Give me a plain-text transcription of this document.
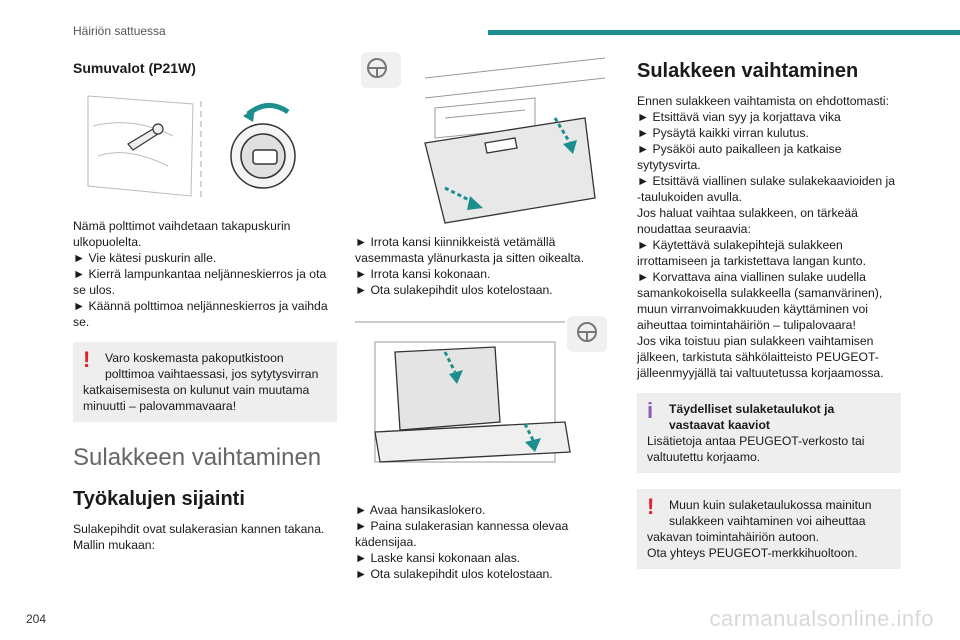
Häiriön sattuessa
Sumuvalot (P21W)
Nämä polttimot vaihdetaan takapuskurin
ulkopuolelta.
► Vie kätesi puskurin alle.
► Kierrä lampunkantaa neljänneskierros ja ota
se ulos.
► Käännä polttimoa neljänneskierros ja vaihda
se.
!	Varo koskemasta pakoputkistoon
polttimoa vaihtaessasi, jos sytytysvirran
katkaisemisesta on kulunut vain muutama
minuutti – palovammavaara!
Sulakkeen vaihtaminen
Työkalujen sijainti
Sulakepihdit ovat sulakerasian kannen takana.
Mallin mukaan:
► Irrota kansi kiinnikkeistä vetämällä
vasemmasta ylänurkasta ja sitten oikealta.
► Irrota kansi kokonaan.
► Ota sulakepihdit ulos kotelostaan.
► Avaa hansikaslokero.
► Paina sulakerasian kannessa olevaa
kädensijaa.
► Laske kansi kokonaan alas.
► Ota sulakepihdit ulos kotelostaan.
Sulakkeen vaihtaminen
Ennen sulakkeen vaihtamista on ehdottomasti:
► Etsittävä vian syy ja korjattava vika
► Pysäytä kaikki virran kulutus.
► Pysäköi auto paikalleen ja katkaise
sytytysvirta.
► Etsittävä viallinen sulake sulakekaavioiden ja
-taulukoiden avulla.
Jos haluat vaihtaa sulakkeen, on tärkeää
noudattaa seuraavia:
► Käytettävä sulakepihtejä sulakkeen
irrottamiseen ja tarkistettava langan kunto.
► Korvattava aina viallinen sulake uudella
samankokoisella sulakkeella (samanvärinen),
muun virranvoimakkuuden käyttäminen voi
aiheuttaa toimintahäiriön – tulipalovaara!
Jos vika toistuu pian sulakkeen vaihtamisen
jälkeen, tarkistuta sähkölaitteisto PEUGEOT-
jälleenmyyjällä tai valtuutetussa korjaamossa.
i	Täydelliset sulaketaulukot ja
vastaavat kaaviot
Lisätietoja antaa PEUGEOT-verkosto tai
valtuutettu korjaamo.
!	Muun kuin sulaketaulukossa mainitun
sulakkeen vaihtaminen voi aiheuttaa
vakavan toimintahäiriön autoon.
Ota yhteys PEUGEOT-merkkihuoltoon.
204	carmanualsonline.info
